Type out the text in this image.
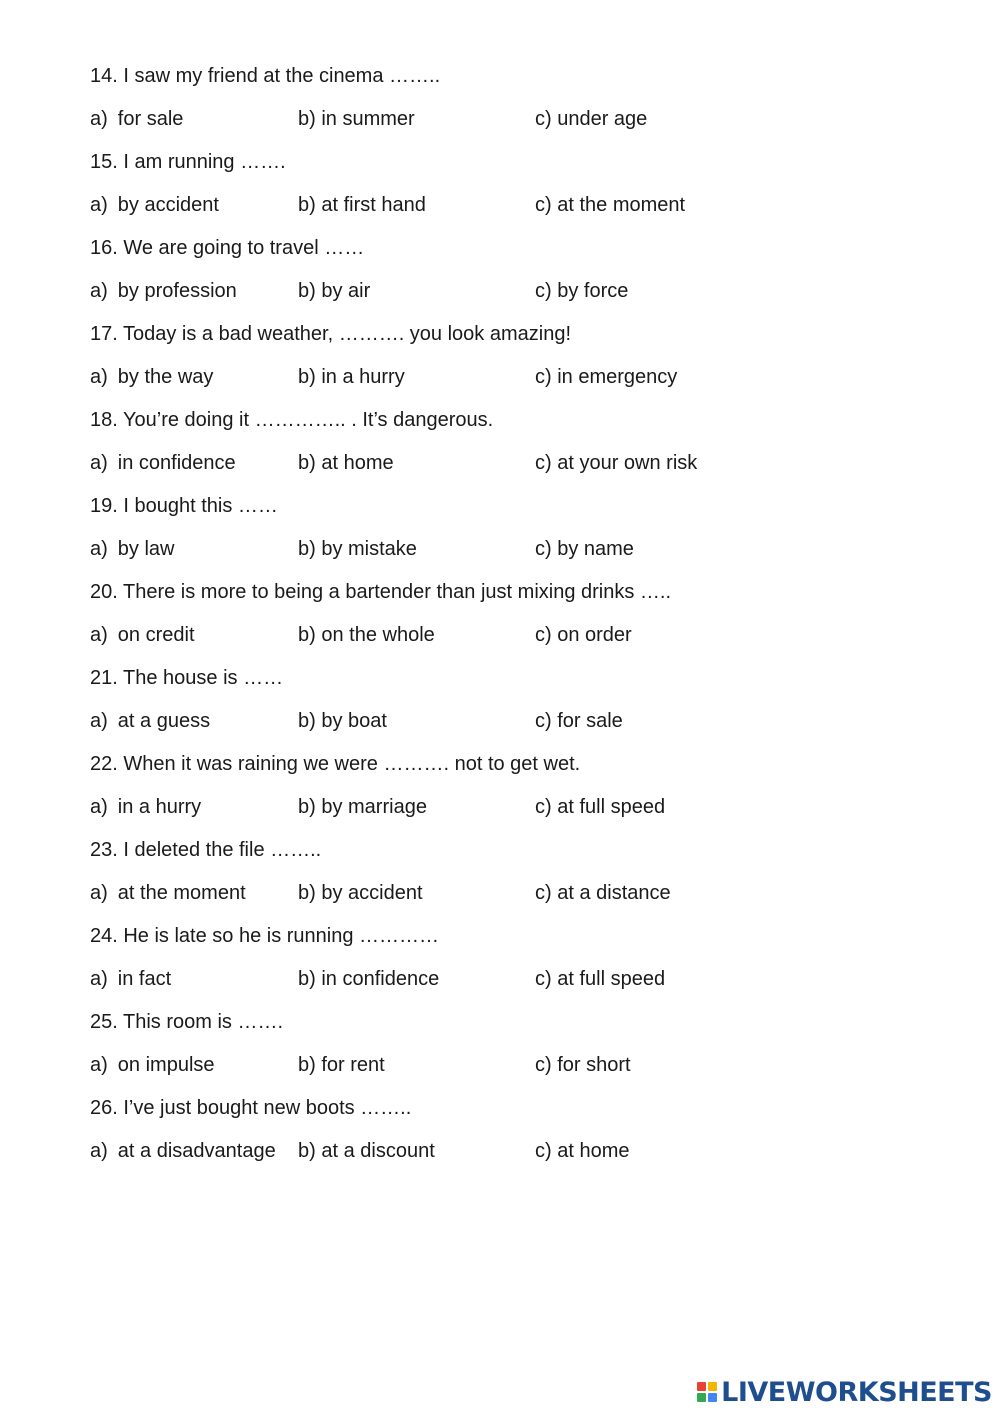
14. I saw my friend at the cinema ……..
a) for sale	b) in summer	c) under age
15. I am running …….
a) by accident	b) at first hand	c) at the moment
16. We are going to travel ……
a) by profession	b) by air	c) by force
17. Today is a bad weather, ………. you look amazing!
a) by the way	b) in a hurry	c) in emergency
18. You’re doing it ………….. . It’s dangerous.
a) in confidence	b) at home	c) at your own risk
19. I bought this ……
a) by law	b) by mistake	c) by name
20. There is more to being a bartender than just mixing drinks …..
a) on credit	b) on the whole	c) on order
21. The house is ……
a) at a guess	b) by boat	c) for sale
22. When it was raining we were ………. not to get wet.
a) in a hurry	b) by marriage	c) at full speed
23. I deleted the file ……..
a) at the moment	b) by accident	c) at a distance
24. He is late so he is running …………
a) in fact	b) in confidence	c) at full speed
25. This room is …….
a) on impulse	b) for rent	c) for short
26. I’ve just bought new boots ……..
a) at a disadvantage b) at a discount	c) at home
LIVEWORKSHEETS
